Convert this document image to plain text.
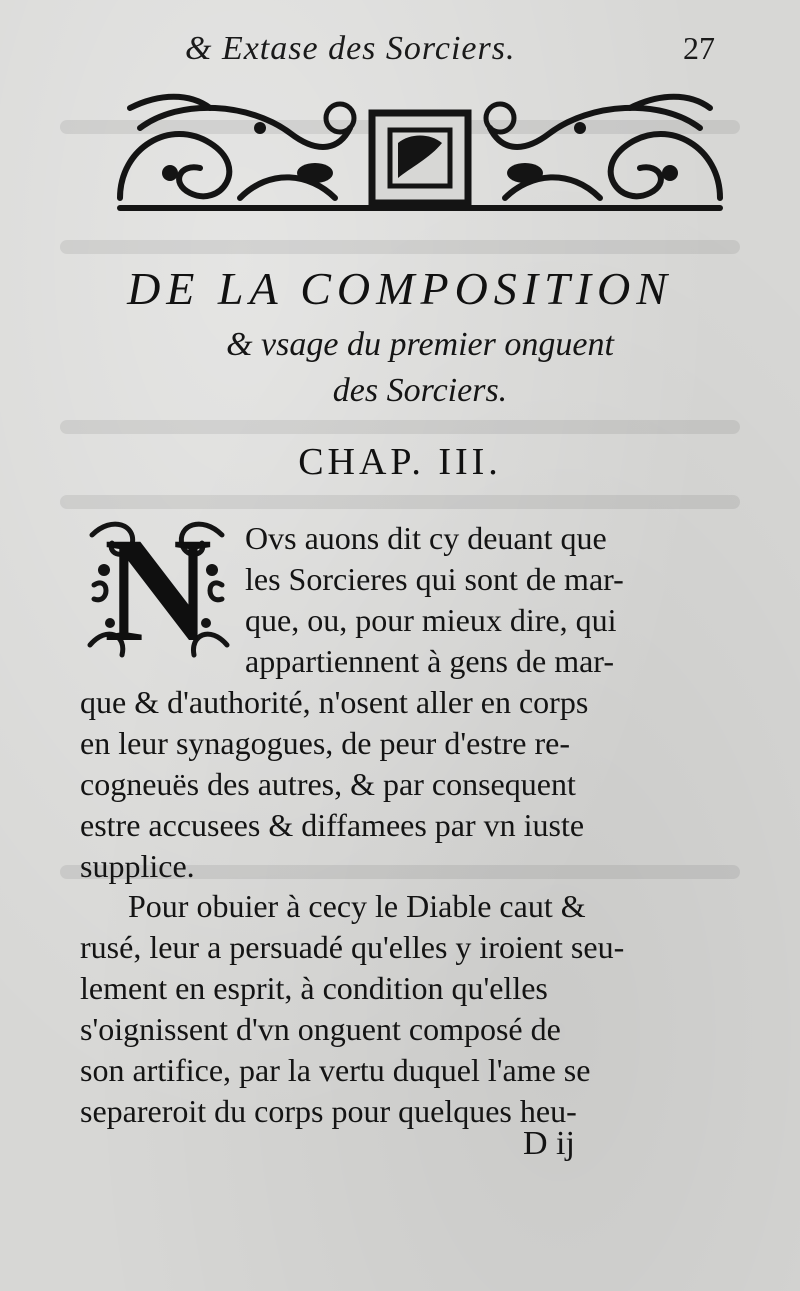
& Extase des Sorciers.	27
DE LA COMPOSITION
& vsage du premier onguent
des Sorciers.
CHAP. III.
N	Ovs auons dit cy deuant que
les Sorcieres qui sont de mar-
que, ou, pour mieux dire, qui
appartiennent à gens de mar-
que & d'authorité, n'osent aller en corps
en leur synagogues, de peur d'estre re-
cogneuës des autres, & par consequent
estre accusees & diffamees par vn iuste
supplice.
Pour obuier à cecy le Diable caut &
rusé, leur a persuadé qu'elles y iroient seu-
lement en esprit, à condition qu'elles
s'oignissent d'vn onguent composé de
son artifice, par la vertu duquel l'ame se
separeroit du corps pour quelques heu-
D ij
